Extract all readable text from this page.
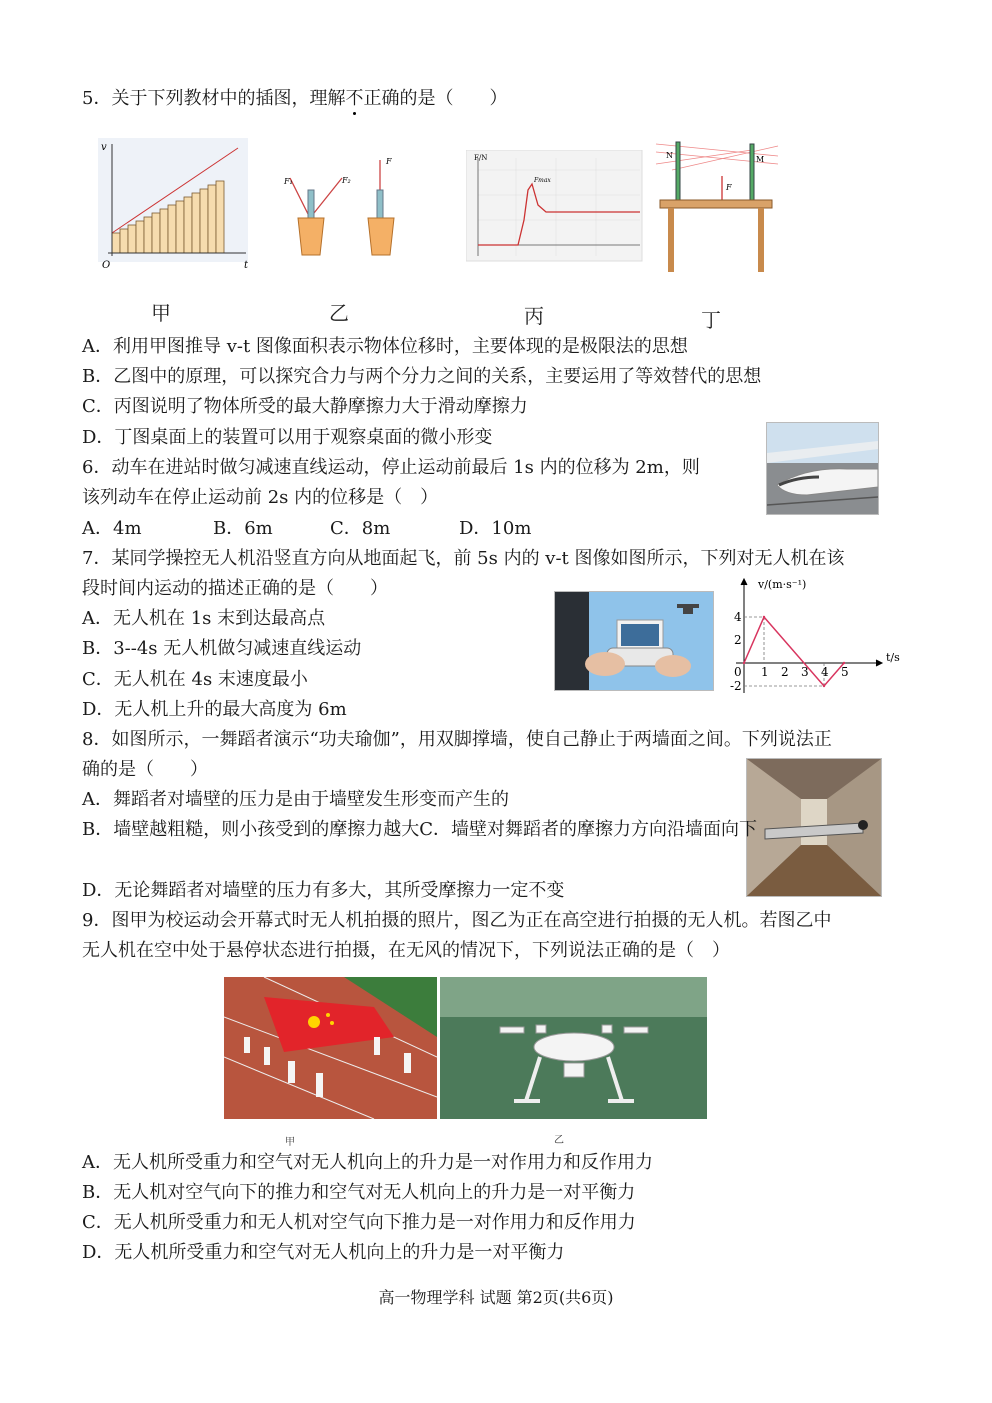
5．关于下列教材中的插图，理解不正确的是（　　）
v
O	t
F₁	F₂
F	F/N
Fmax
N	M
F
甲	乙	丙	丁
A．利用甲图推导 v-t 图像面积表示物体位移时，主要体现的是极限法的思想
B．乙图中的原理，可以探究合力与两个分力之间的关系，主要运用了等效替代的思想
C．丙图说明了物体所受的最大静摩擦力大于滑动摩擦力
D．丁图桌面上的装置可以用于观察桌面的微小形变
6．动车在进站时做匀减速直线运动，停止运动前最后 1s 内的位移为 2m，则
该列动车在停止运动前 2s 内的位移是（　）
A．4m	B．6m	C．8m	D．10m
7．某同学操控无人机沿竖直方向从地面起飞，前 5s 内的 v-t 图像如图所示，下列对无人机在该
段时间内运动的描述正确的是（　　）
A．无人机在 1s 末到达最高点
B．3--4s 无人机做匀减速直线运动
C．无人机在 4s 末速度最小
D．无人机上升的最大高度为 6m
1 2 3 4 5
4
2
0
-2
v/(m·s⁻¹)
t/s
8．如图所示，一舞蹈者演示“功夫瑜伽”，用双脚撑墙，使自己静止于两墙面之间。下列说法正
确的是（　　）
A．舞蹈者对墙壁的压力是由于墙壁发生形变而产生的
B．墙壁越粗糙，则小孩受到的摩擦力越大C．墙壁对舞蹈者的摩擦力方向沿墙面向下
D．无论舞蹈者对墙壁的压力有多大，其所受摩擦力一定不变
9．图甲为校运动会开幕式时无人机拍摄的照片，图乙为正在高空进行拍摄的无人机。若图乙中
无人机在空中处于悬停状态进行拍摄，在无风的情况下，下列说法正确的是（　）
甲	乙
A．无人机所受重力和空气对无人机向上的升力是一对作用力和反作用力
B．无人机对空气向下的推力和空气对无人机向上的升力是一对平衡力
C．无人机所受重力和无人机对空气向下推力是一对作用力和反作用力
D．无人机所受重力和空气对无人机向上的升力是一对平衡力
高一物理学科 试题 第2页(共6页)
